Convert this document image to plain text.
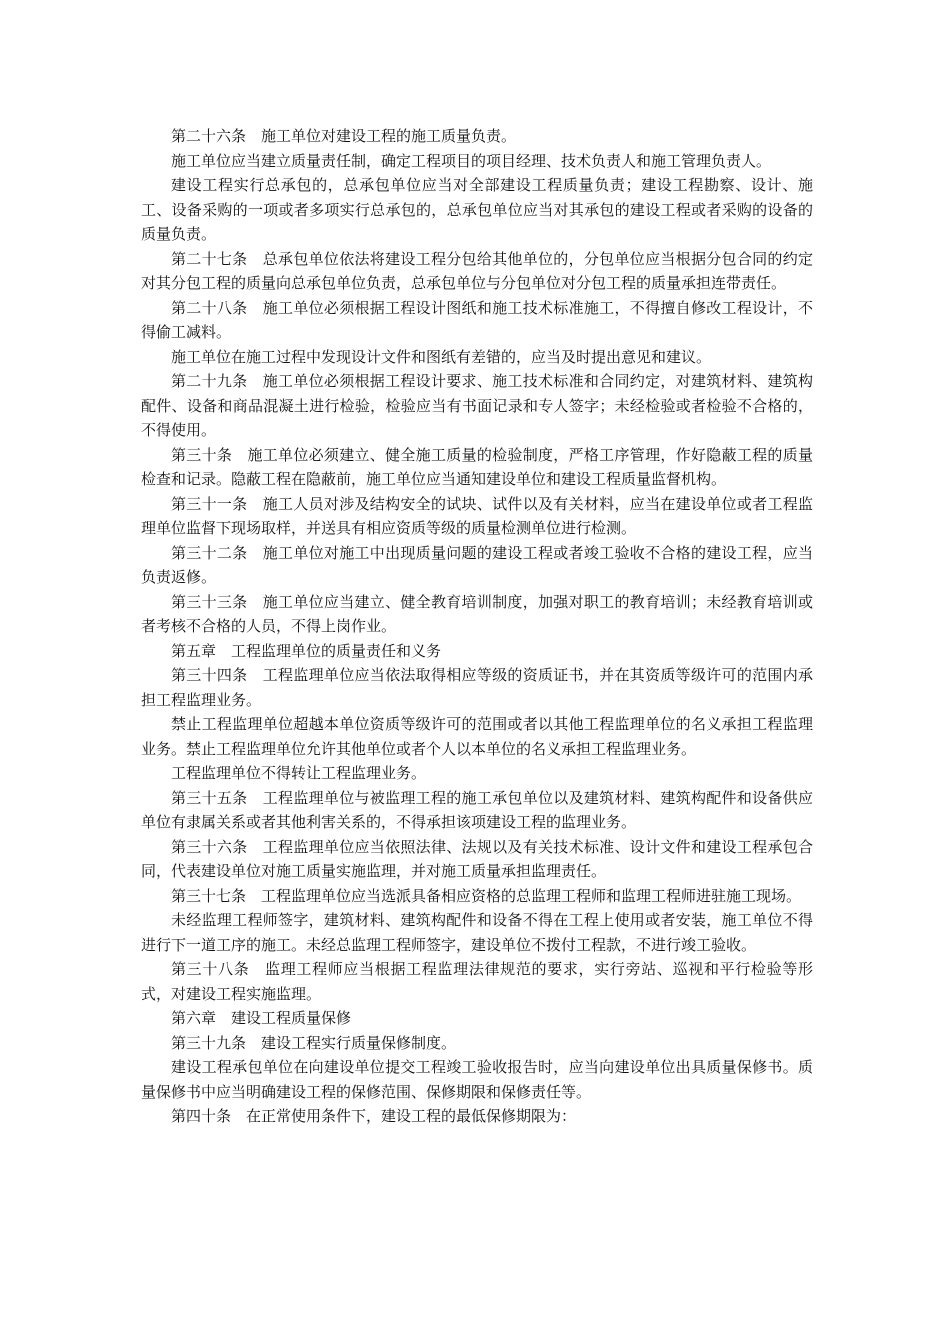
第二十六条　施工单位对建设工程的施工质量负责。

施工单位应当建立质量责任制，确定工程项目的项目经理、技术负责人和施工管理负责人。

建设工程实行总承包的，总承包单位应当对全部建设工程质量负责；建设工程勘察、设计、施工、设备采购的一项或者多项实行总承包的，总承包单位应当对其承包的建设工程或者采购的设备的质量负责。

第二十七条　总承包单位依法将建设工程分包给其他单位的，分包单位应当根据分包合同的约定对其分包工程的质量向总承包单位负责，总承包单位与分包单位对分包工程的质量承担连带责任。

第二十八条　施工单位必须根据工程设计图纸和施工技术标准施工，不得擅自修改工程设计，不得偷工减料。

施工单位在施工过程中发现设计文件和图纸有差错的，应当及时提出意见和建议。

第二十九条　施工单位必须根据工程设计要求、施工技术标准和合同约定，对建筑材料、建筑构配件、设备和商品混凝土进行检验，检验应当有书面记录和专人签字；未经检验或者检验不合格的，不得使用。

第三十条　施工单位必须建立、健全施工质量的检验制度，严格工序管理，作好隐蔽工程的质量检查和记录。隐蔽工程在隐蔽前，施工单位应当通知建设单位和建设工程质量监督机构。

第三十一条　施工人员对涉及结构安全的试块、试件以及有关材料，应当在建设单位或者工程监理单位监督下现场取样，并送具有相应资质等级的质量检测单位进行检测。

第三十二条　施工单位对施工中出现质量问题的建设工程或者竣工验收不合格的建设工程，应当负责返修。

第三十三条　施工单位应当建立、健全教育培训制度，加强对职工的教育培训；未经教育培训或者考核不合格的人员，不得上岗作业。

第五章　工程监理单位的质量责任和义务

第三十四条　工程监理单位应当依法取得相应等级的资质证书，并在其资质等级许可的范围内承担工程监理业务。

禁止工程监理单位超越本单位资质等级许可的范围或者以其他工程监理单位的名义承担工程监理业务。禁止工程监理单位允许其他单位或者个人以本单位的名义承担工程监理业务。

工程监理单位不得转让工程监理业务。

第三十五条　工程监理单位与被监理工程的施工承包单位以及建筑材料、建筑构配件和设备供应单位有隶属关系或者其他利害关系的，不得承担该项建设工程的监理业务。

第三十六条　工程监理单位应当依照法律、法规以及有关技术标准、设计文件和建设工程承包合同，代表建设单位对施工质量实施监理，并对施工质量承担监理责任。

第三十七条　工程监理单位应当选派具备相应资格的总监理工程师和监理工程师进驻施工现场。

未经监理工程师签字，建筑材料、建筑构配件和设备不得在工程上使用或者安装，施工单位不得进行下一道工序的施工。未经总监理工程师签字，建设单位不拨付工程款，不进行竣工验收。

第三十八条　监理工程师应当根据工程监理法律规范的要求，实行旁站、巡视和平行检验等形式，对建设工程实施监理。

第六章　建设工程质量保修

第三十九条　建设工程实行质量保修制度。

建设工程承包单位在向建设单位提交工程竣工验收报告时，应当向建设单位出具质量保修书。质量保修书中应当明确建设工程的保修范围、保修期限和保修责任等。

第四十条　在正常使用条件下，建设工程的最低保修期限为：
